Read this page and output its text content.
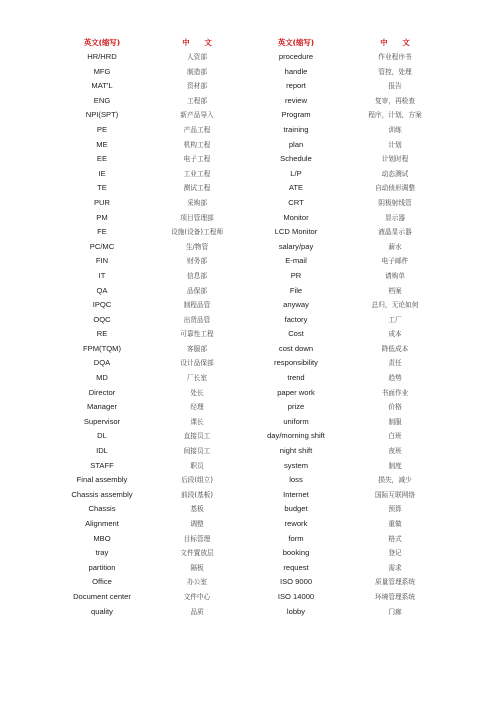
英文(缩写)	中　　文	英文(缩写)	中　　文
HR/HRD	人资部	procedure	作业程序书
MFG	制造部	handle	管控，处理
MAT'L	资材部	report	报告
ENG	工程部	review	复审，再检查
NPI(SPT)	新产品导入	Program	程序，计划，方案
PE	产品工程	training	训练
ME	机构工程	plan	计划
EE	电子工程	Schedule	计划时程
IE	工业工程	L/P	动态测试
TE	测试工程	ATE	自动侦形调整
PUR	采购部	CRT	阴极射线管
PM	项目管理部	Monitor	显示器
FE	设施(设备)工程师	LCD Monitor	液晶显示器
PC/MC	生/物管	salary/pay	薪水
FIN	财务部	E-mail	电子邮件
IT	信息部	PR	请购单
QA	品保部	File	档案
IPQC	制程品管	anyway	总归，无论如何
OQC	出货品管	factory	工厂
RE	可靠性工程	Cost	成本
FPM(TQM)	客服部	cost down	降低成本
DQA	设计品保部	responsibility	责任
MD	厂长室	trend	趋势
Director	处长	paper work	书面作业
Manager	经理	prize	价格
Supervisor	课长	uniform	制服
DL	直接员工	day/morning shift	白班
IDL	间接员工	night shift	夜班
STAFF	职员	system	制度
Final assembly	后段(组立)	loss	损失，减少
Chassis assembly	前段(基板)	Internet	国际互联网络
Chassis	基板	budget	预算
Alignment	调整	rework	重做
MBO	目标管理	form	格式
tray	文件置放层	booking	登记
partition	隔板	request	需求
Office	办公室	ISO 9000	质量管理系统
Document center	文件中心	ISO 14000	环境管理系统
quality	品质	lobby	门廊
